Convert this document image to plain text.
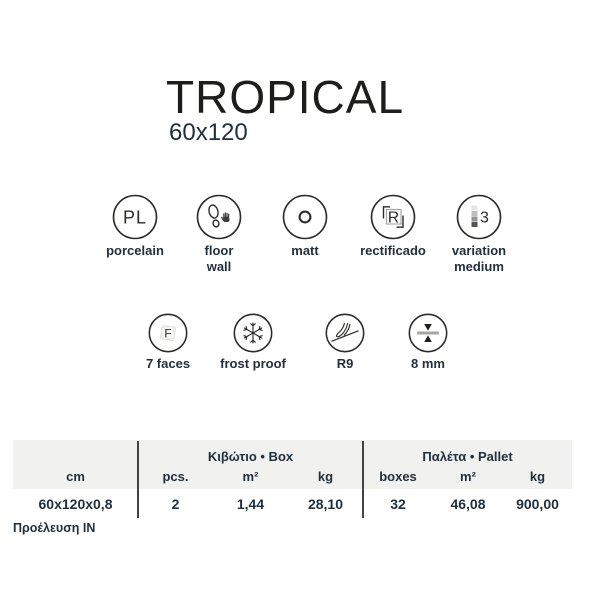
TROPICAL
60x120
PL
porcelain	floor
wall
matt
R
rectificado
3
variation
medium
F
7 faces	frost proof	R9	8 mm
Κιβώτιο • Box	Παλέτα • Pallet
cm	pcs.	m²	kg	boxes	m²	kg
60x120x0,8	2	1,44	28,10	32	46,08	900,00
Προέλευση IN
